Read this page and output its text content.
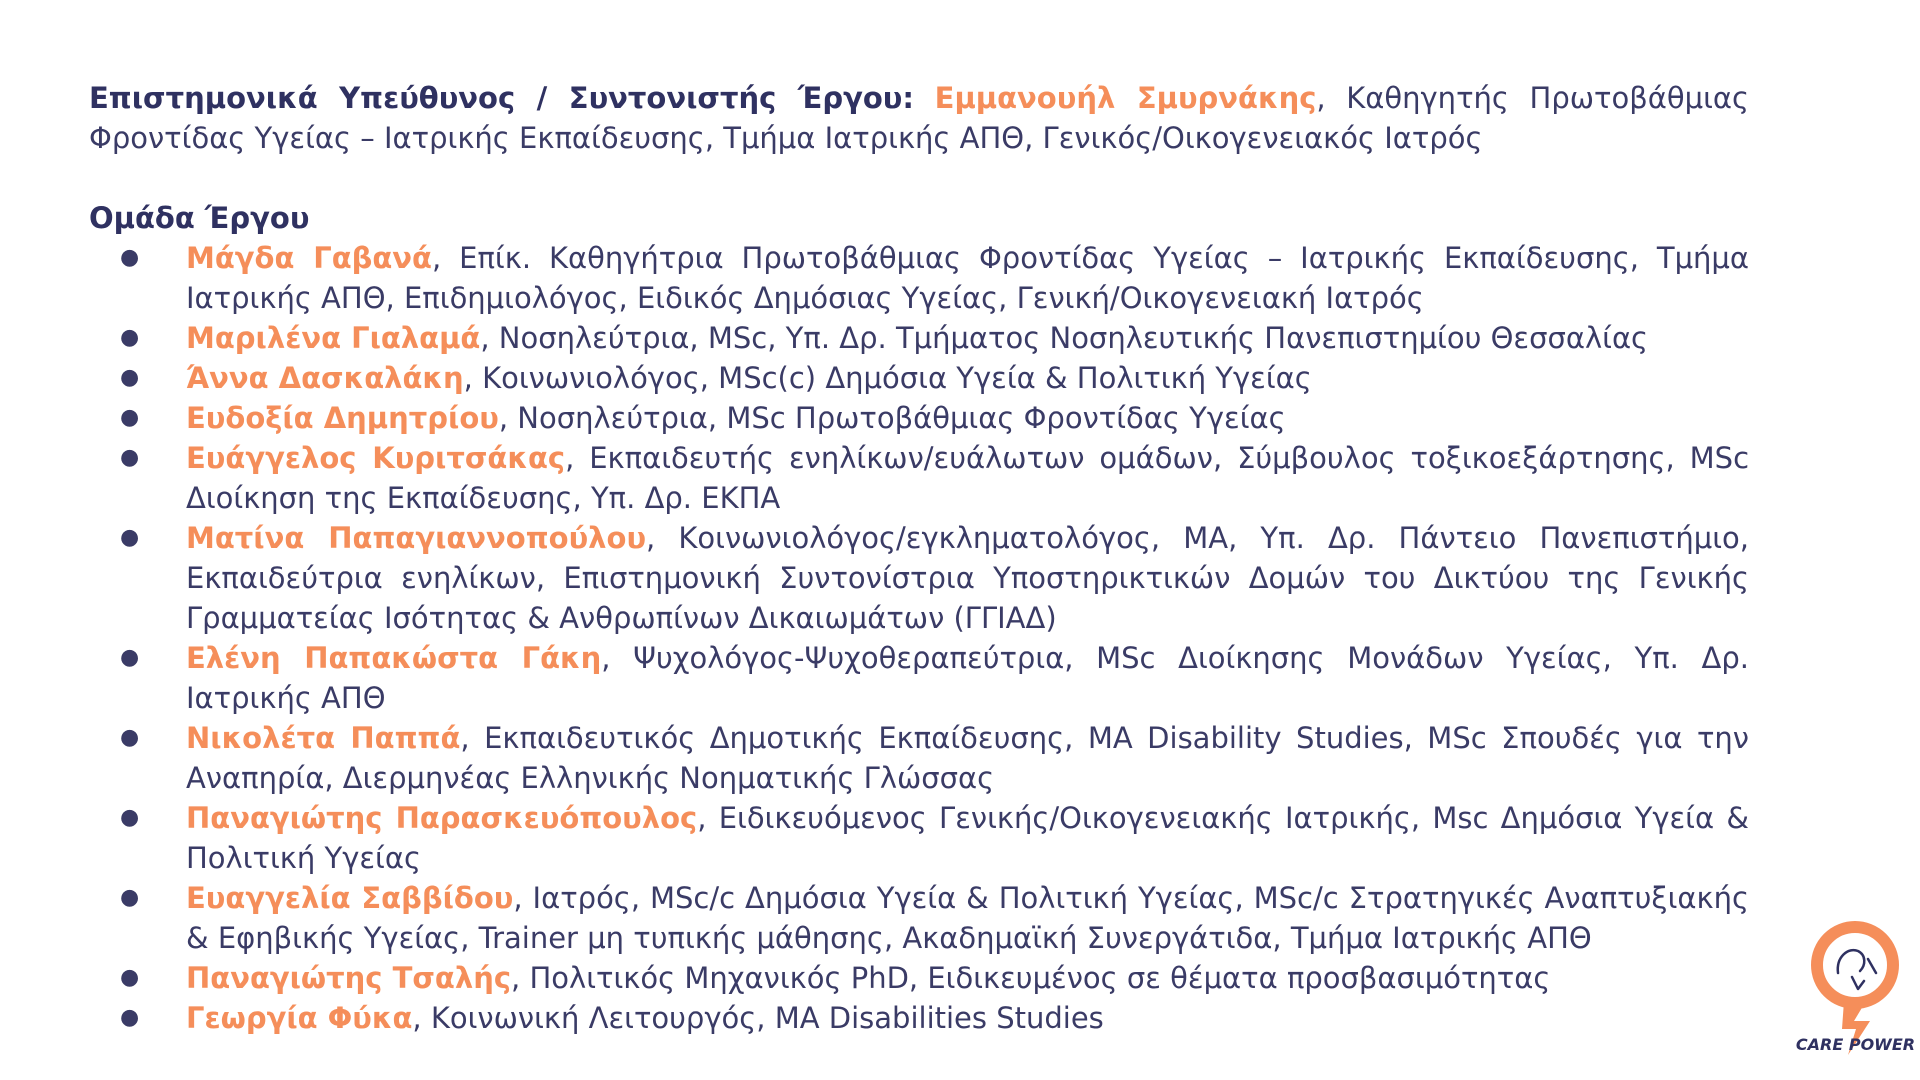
Επιστημονικά Υπεύθυνος / Συντονιστής Έργου: Εμμανουήλ Σμυρνάκης, Καθηγητής Πρωτοβάθμιας Φροντίδας Υγείας – Ιατρικής Εκπαίδευσης, Τμήμα Ιατρικής ΑΠΘ, Γενικός/Οικογενειακός Ιατρός

Ομάδα Έργου

● Μάγδα Γαβανά, Επίκ. Καθηγήτρια Πρωτοβάθμιας Φροντίδας Υγείας – Ιατρικής Εκπαίδευσης, Τμήμα Ιατρικής ΑΠΘ, Επιδημιολόγος, Ειδικός Δημόσιας Υγείας, Γενική/Οικογενειακή Ιατρός
● Μαριλένα Γιαλαμά, Νοσηλεύτρια, MSc, Υπ. Δρ. Τμήματος Νοσηλευτικής Πανεπιστημίου Θεσσαλίας
● Άννα Δασκαλάκη, Κοινωνιολόγος, MSc(c) Δημόσια Υγεία & Πολιτική Υγείας
● Ευδοξία Δημητρίου, Νοσηλεύτρια, MSc Πρωτοβάθμιας Φροντίδας Υγείας
● Ευάγγελος Κυριτσάκας, Εκπαιδευτής ενηλίκων/ευάλωτων ομάδων, Σύμβουλος τοξικοεξάρτησης, MSc Διοίκηση της Εκπαίδευσης, Υπ. Δρ. ΕΚΠΑ
● Ματίνα Παπαγιαννοπούλου, Κοινωνιολόγος/εγκληματολόγος, MA, Υπ. Δρ. Πάντειο Πανεπιστήμιο, Εκπαιδεύτρια ενηλίκων, Επιστημονική Συντονίστρια Υποστηρικτικών Δομών του Δικτύου της Γενικής Γραμματείας Ισότητας & Ανθρωπίνων Δικαιωμάτων (ΓΓΙΑΔ)
● Ελένη Παπακώστα Γάκη, Ψυχολόγος-Ψυχοθεραπεύτρια, MSc Διοίκησης Μονάδων Υγείας, Υπ. Δρ. Ιατρικής ΑΠΘ
● Νικολέτα Παππά, Εκπαιδευτικός Δημοτικής Εκπαίδευσης, MA Disability Studies, MSc Σπουδές για την Αναπηρία, Διερμηνέας Ελληνικής Νοηματικής Γλώσσας
● Παναγιώτης Παρασκευόπουλος, Ειδικευόμενος Γενικής/Οικογενειακής Ιατρικής, Msc Δημόσια Υγεία & Πολιτική Υγείας
● Ευαγγελία Σαββίδου, Ιατρός, MSc/c Δημόσια Υγεία & Πολιτική Υγείας, MSc/c Στρατηγικές Αναπτυξιακής & Εφηβικής Υγείας, Trainer μη τυπικής μάθησης, Ακαδημαϊκή Συνεργάτιδα, Τμήμα Ιατρικής ΑΠΘ
● Παναγιώτης Τσαλής, Πολιτικός Μηχανικός PhD, Ειδικευμένος σε θέματα προσβασιμότητας
● Γεωργία Φύκα, Κοινωνική Λειτουργός, MA Disabilities Studies
CARE POWER
